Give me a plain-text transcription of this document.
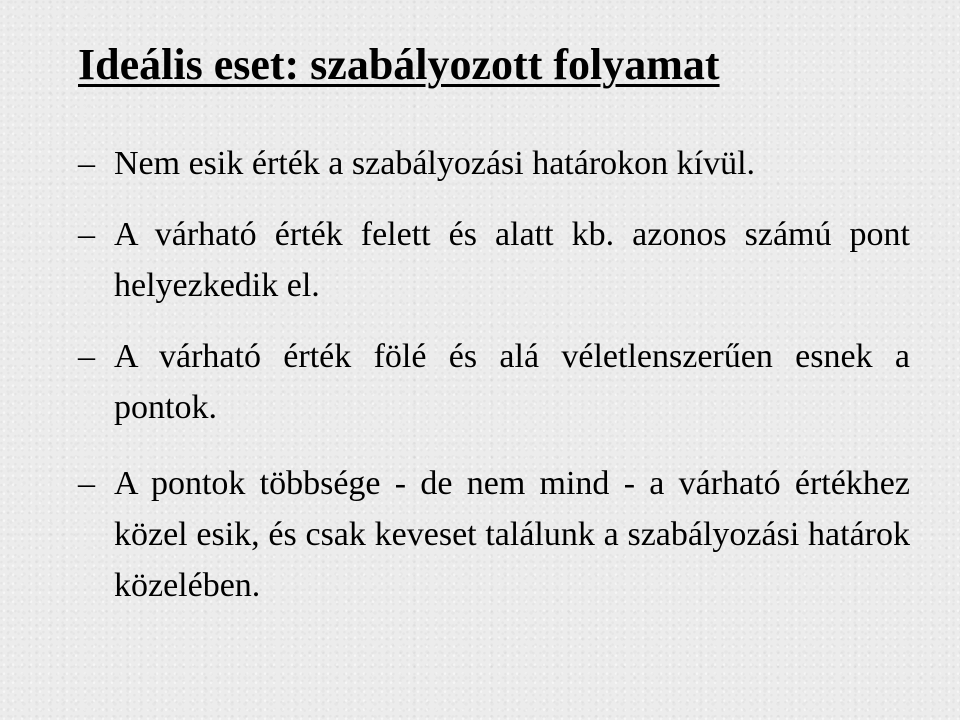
Ideális eset: szabályozott folyamat
– Nem esik érték a szabályozási határokon kívül.
– A várható érték felett és alatt kb. azonos számú pont helyezkedik el.
– A várható érték fölé és alá véletlenszerűen esnek a pontok.
– A pontok többsége - de nem mind - a várható értékhez közel esik, és csak keveset találunk a szabályozási határok közelében.
